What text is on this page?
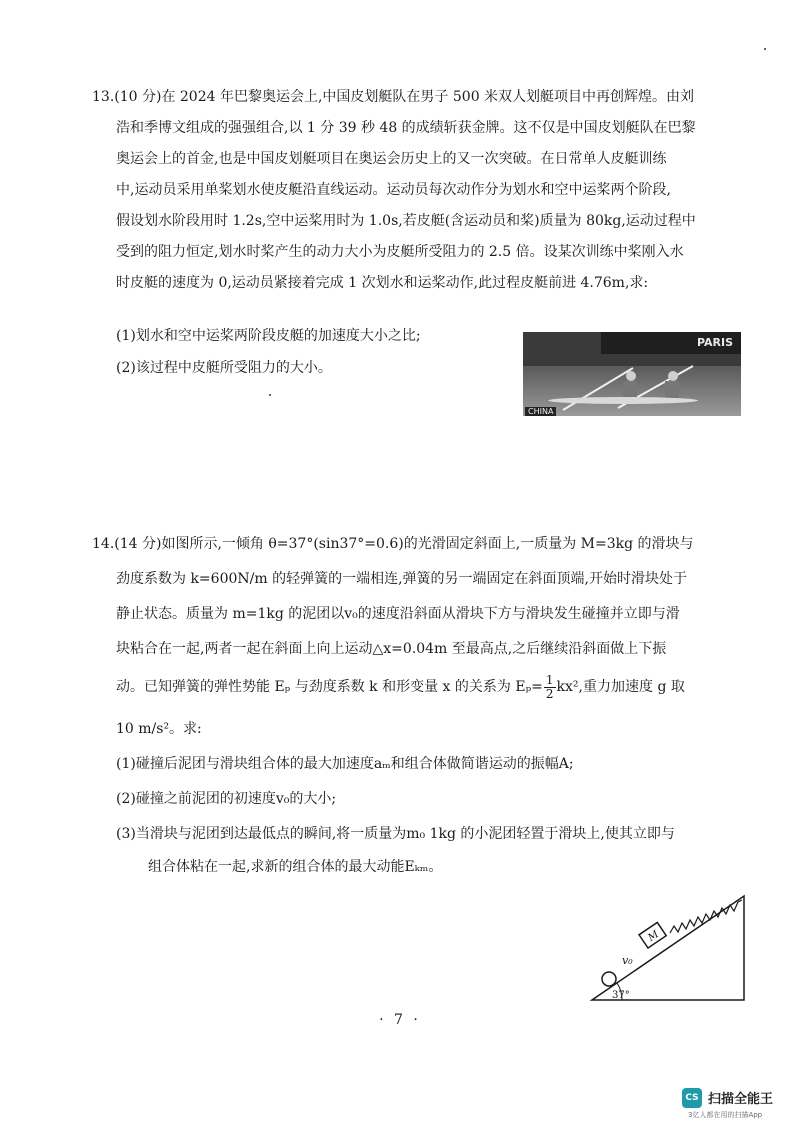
13.(10 分)在 2024 年巴黎奥运会上,中国皮划艇队在男子 500 米双人划艇项目中再创辉煌。由刘

浩和季博文组成的强强组合,以 1 分 39 秒 48 的成绩斩获金牌。这不仅是中国皮划艇队在巴黎

奥运会上的首金,也是中国皮划艇项目在奥运会历史上的又一次突破。在日常单人皮艇训练

中,运动员采用单桨划水使皮艇沿直线运动。运动员每次动作分为划水和空中运桨两个阶段,

假设划水阶段用时 1.2s,空中运桨用时为 1.0s,若皮艇(含运动员和桨)质量为 80kg,运动过程中

受到的阻力恒定,划水时桨产生的动力大小为皮艇所受阻力的 2.5 倍。设某次训练中桨刚入水

时皮艇的速度为 0,运动员紧接着完成 1 次划水和运桨动作,此过程皮艇前进 4.76m,求:

(1)划水和空中运桨两阶段皮艇的加速度大小之比;

(2)该过程中皮艇所受阻力的大小。

PARIS
CHINA

14.(14 分)如图所示,一倾角 θ=37°(sin37°=0.6)的光滑固定斜面上,一质量为 M=3kg 的滑块与

劲度系数为 k=600N/m 的轻弹簧的一端相连,弹簧的另一端固定在斜面顶端,开始时滑块处于

静止状态。质量为 m=1kg 的泥团以v₀的速度沿斜面从滑块下方与滑块发生碰撞并立即与滑

块粘合在一起,两者一起在斜面上向上运动△x=0.04m 至最高点,之后继续沿斜面做上下振

动。已知弹簧的弹性势能 Eₚ 与劲度系数 k 和形变量 x 的关系为 $E_p= \frac{1}{2} kx^2$,重力加速度 g 取

10 m/s²。求:

(1)碰撞后泥团与滑块组合体的最大加速度aₘ和组合体做简谐运动的振幅A;

(2)碰撞之前泥团的初速度v₀的大小;

(3)当滑块与泥团到达最低点的瞬间,将一质量为m₀ 1kg 的小泥团轻置于滑块上,使其立即与

组合体粘在一起,求新的组合体的最大动能Eₖₘ。

37°
v₀
M
· 7 ·
CS 扫描全能王
3亿人都在用的扫描App
